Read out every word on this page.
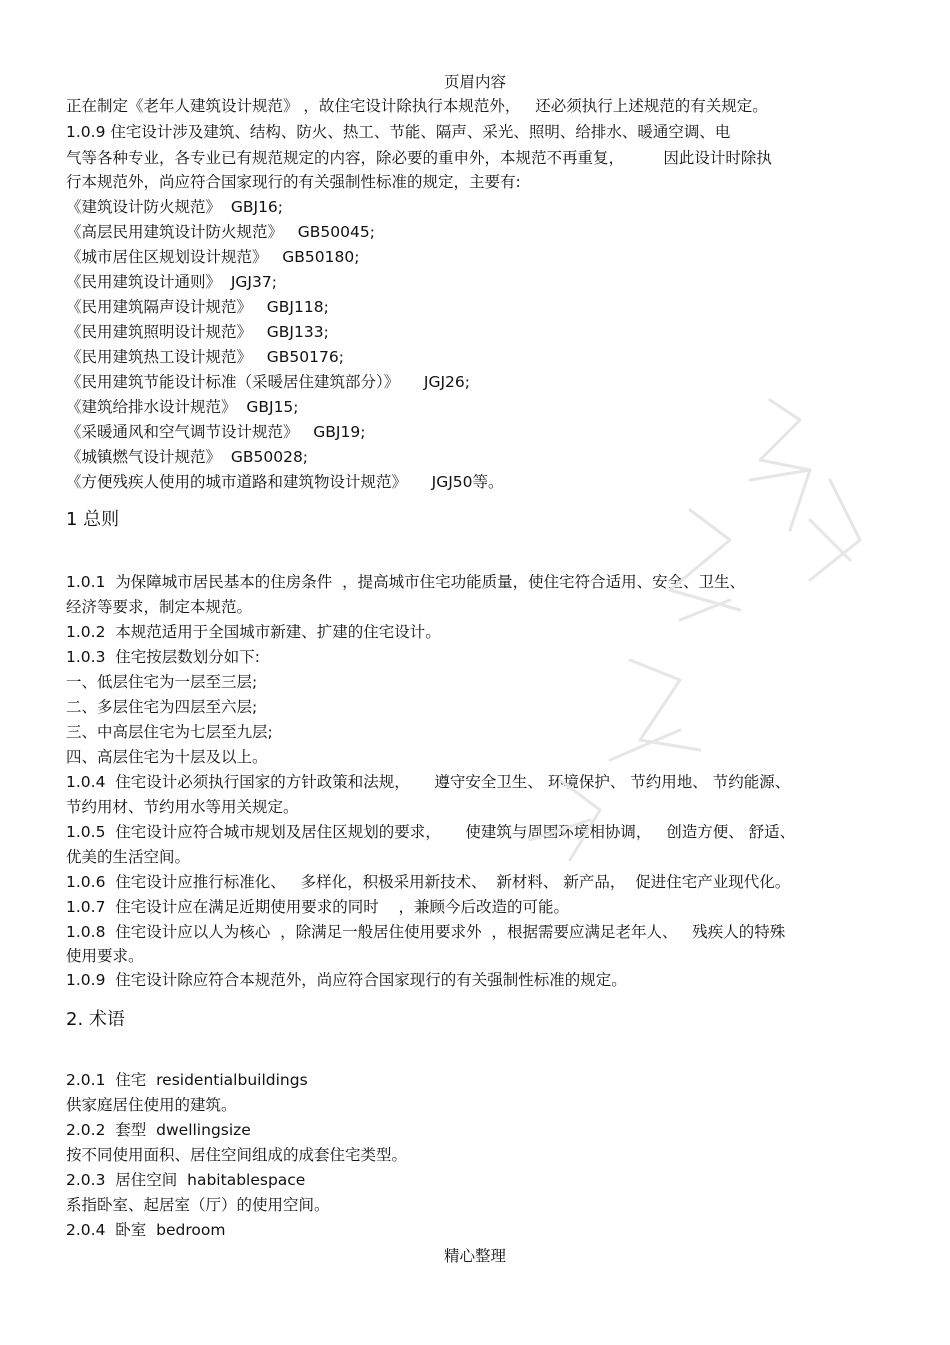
页眉内容
正在制定《老年人建筑设计规范》 ，故住宅设计除执行本规范外，   还必须执行上述规范的有关规定。
1.0.9 住宅设计涉及建筑、结构、防火、热工、节能、隔声、采光、照明、给排水、暖通空调、电
气等各种专业，各专业已有规范规定的内容，除必要的重申外，本规范不再重复，        因此设计时除执
行本规范外，尚应符合国家现行的有关强制性标准的规定，主要有:
《建筑设计防火规范》  GBJ16;
《高层民用建筑设计防火规范》   GB50045;
《城市居住区规划设计规范》   GB50180;
《民用建筑设计通则》  JGJ37;
《民用建筑隔声设计规范》   GBJ118;
《民用建筑照明设计规范》   GBJ133;
《民用建筑热工设计规范》   GB50176;
《民用建筑节能设计标准（采暖居住建筑部分）》     JGJ26;
《建筑给排水设计规范》  GBJ15;
《采暖通风和空气调节设计规范》   GBJ19;
《城镇燃气设计规范》  GB50028;
《方便残疾人使用的城市道路和建筑物设计规范》     JGJ50等。
1 总则
1.0.1  为保障城市居民基本的住房条件  ，提高城市住宅功能质量，使住宅符合适用、安全、卫生、
经济等要求，制定本规范。
1.0.2  本规范适用于全国城市新建、扩建的住宅设计。
1.0.3  住宅按层数划分如下:
一、低层住宅为一层至三层;
二、多层住宅为四层至六层;
三、中高层住宅为七层至九层;
四、高层住宅为十层及以上。
1.0.4  住宅设计必须执行国家的方针政策和法规，     遵守安全卫生、 环境保护、 节约用地、 节约能源、
节约用材、节约用水等用关规定。
1.0.5  住宅设计应符合城市规划及居住区规划的要求，     使建筑与周围环境相协调，   创造方便、 舒适、
优美的生活空间。
1.0.6  住宅设计应推行标准化、   多样化，积极采用新技术、  新材料、 新产品，  促进住宅产业现代化。
1.0.7  住宅设计应在满足近期使用要求的同时    ，兼顾今后改造的可能。
1.0.8  住宅设计应以人为核心  ，除满足一般居住使用要求外  ，根据需要应满足老年人、   残疾人的特殊
使用要求。
1.0.9  住宅设计除应符合本规范外，尚应符合国家现行的有关强制性标准的规定。
2. 术语
2.0.1  住宅  residentialbuildings
供家庭居住使用的建筑。
2.0.2  套型  dwellingsize
按不同使用面积、居住空间组成的成套住宅类型。
2.0.3  居住空间  habitablespace
系指卧室、起居室（厅）的使用空间。
2.0.4  卧室  bedroom
精心整理
